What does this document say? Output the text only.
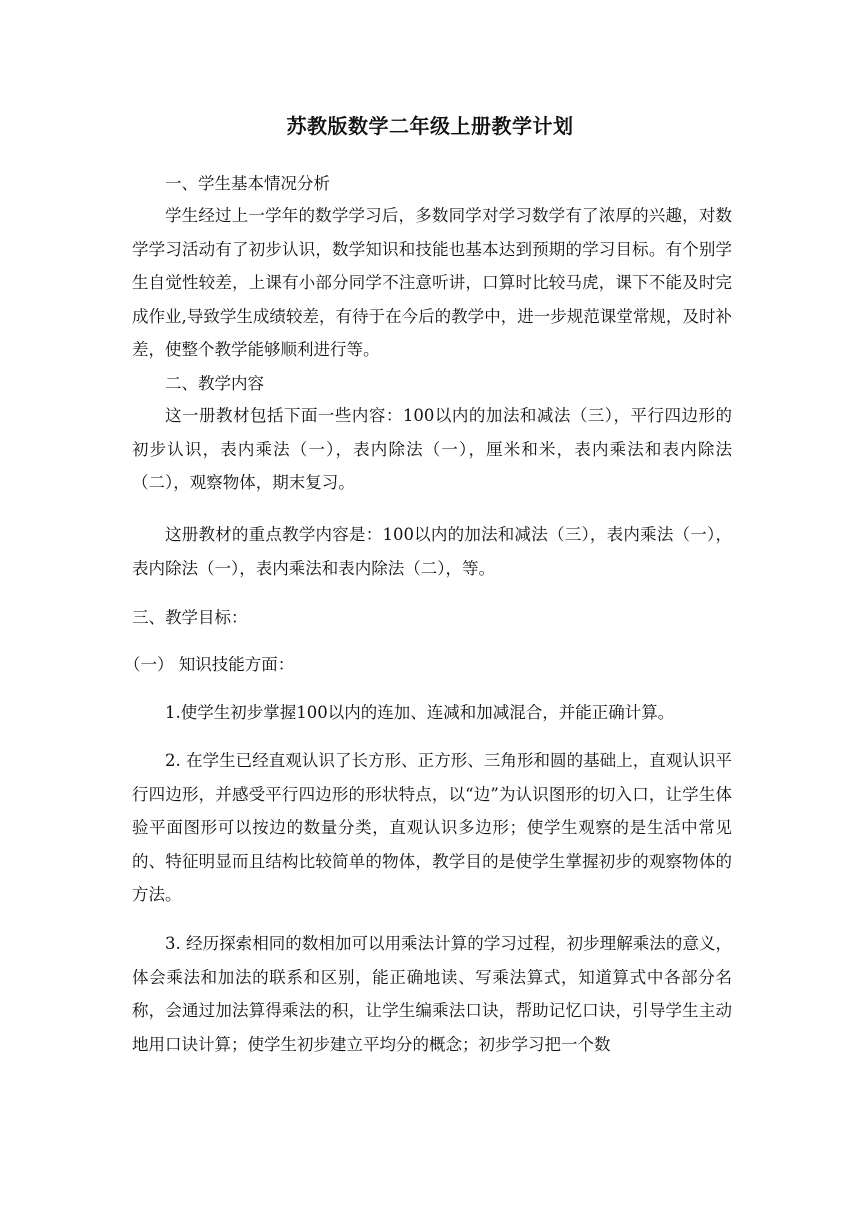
苏教版数学二年级上册教学计划
一、学生基本情况分析
学生经过上一学年的数学学习后，多数同学对学习数学有了浓厚的兴趣，对数学学习活动有了初步认识，数学知识和技能也基本达到预期的学习目标。有个别学生自觉性较差，上课有小部分同学不注意听讲，口算时比较马虎，课下不能及时完成作业,导致学生成绩较差，有待于在今后的教学中，进一步规范课堂常规，及时补差，使整个教学能够顺利进行等。
二、教学内容
这一册教材包括下面一些内容：100以内的加法和减法（三），平行四边形的初步认识，表内乘法（一），表内除法（一），厘米和米，表内乘法和表内除法（二），观察物体，期末复习。
这册教材的重点教学内容是：100以内的加法和减法（三），表内乘法（一），表内除法（一），表内乘法和表内除法（二），等。
三、教学目标：
（一） 知识技能方面：
1.使学生初步掌握100以内的连加、连减和加减混合，并能正确计算。
2. 在学生已经直观认识了长方形、正方形、三角形和圆的基础上，直观认识平行四边形，并感受平行四边形的形状特点，以“边”为认识图形的切入口，让学生体验平面图形可以按边的数量分类，直观认识多边形；使学生观察的是生活中常见的、特征明显而且结构比较简单的物体，教学目的是使学生掌握初步的观察物体的方法。
3. 经历探索相同的数相加可以用乘法计算的学习过程，初步理解乘法的意义，体会乘法和加法的联系和区别，能正确地读、写乘法算式，知道算式中各部分名称，会通过加法算得乘法的积，让学生编乘法口诀，帮助记忆口诀，引导学生主动地用口诀计算；使学生初步建立平均分的概念；初步学习把一个数
